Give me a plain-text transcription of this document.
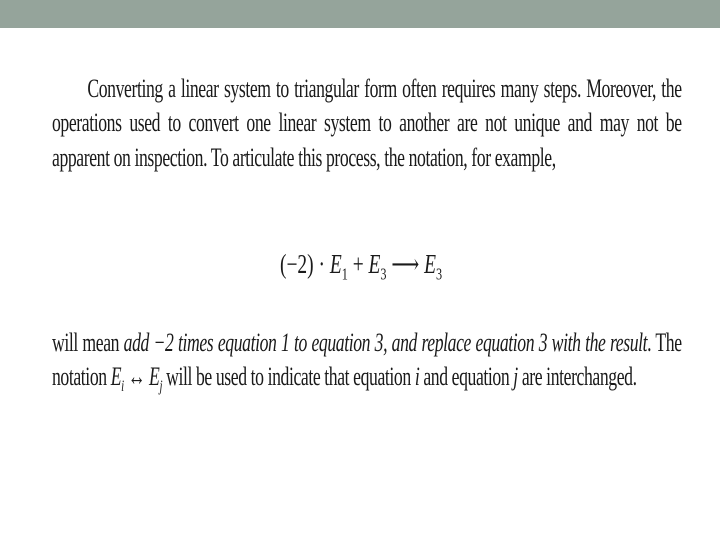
Converting a linear system to triangular form often requires many steps. Moreover, the operations used to convert one linear system to another are not unique and may not be apparent on inspection. To articulate this process, the notation, for example,
$(-2) \cdot E_1 + E_3$ ⟶ $E_3$
will mean add −2 times equation 1 to equation 3, and replace equation 3 with the result. The notation $E_i$ ↔ $E_j$ will be used to indicate that equation i and equation j are interchanged.
